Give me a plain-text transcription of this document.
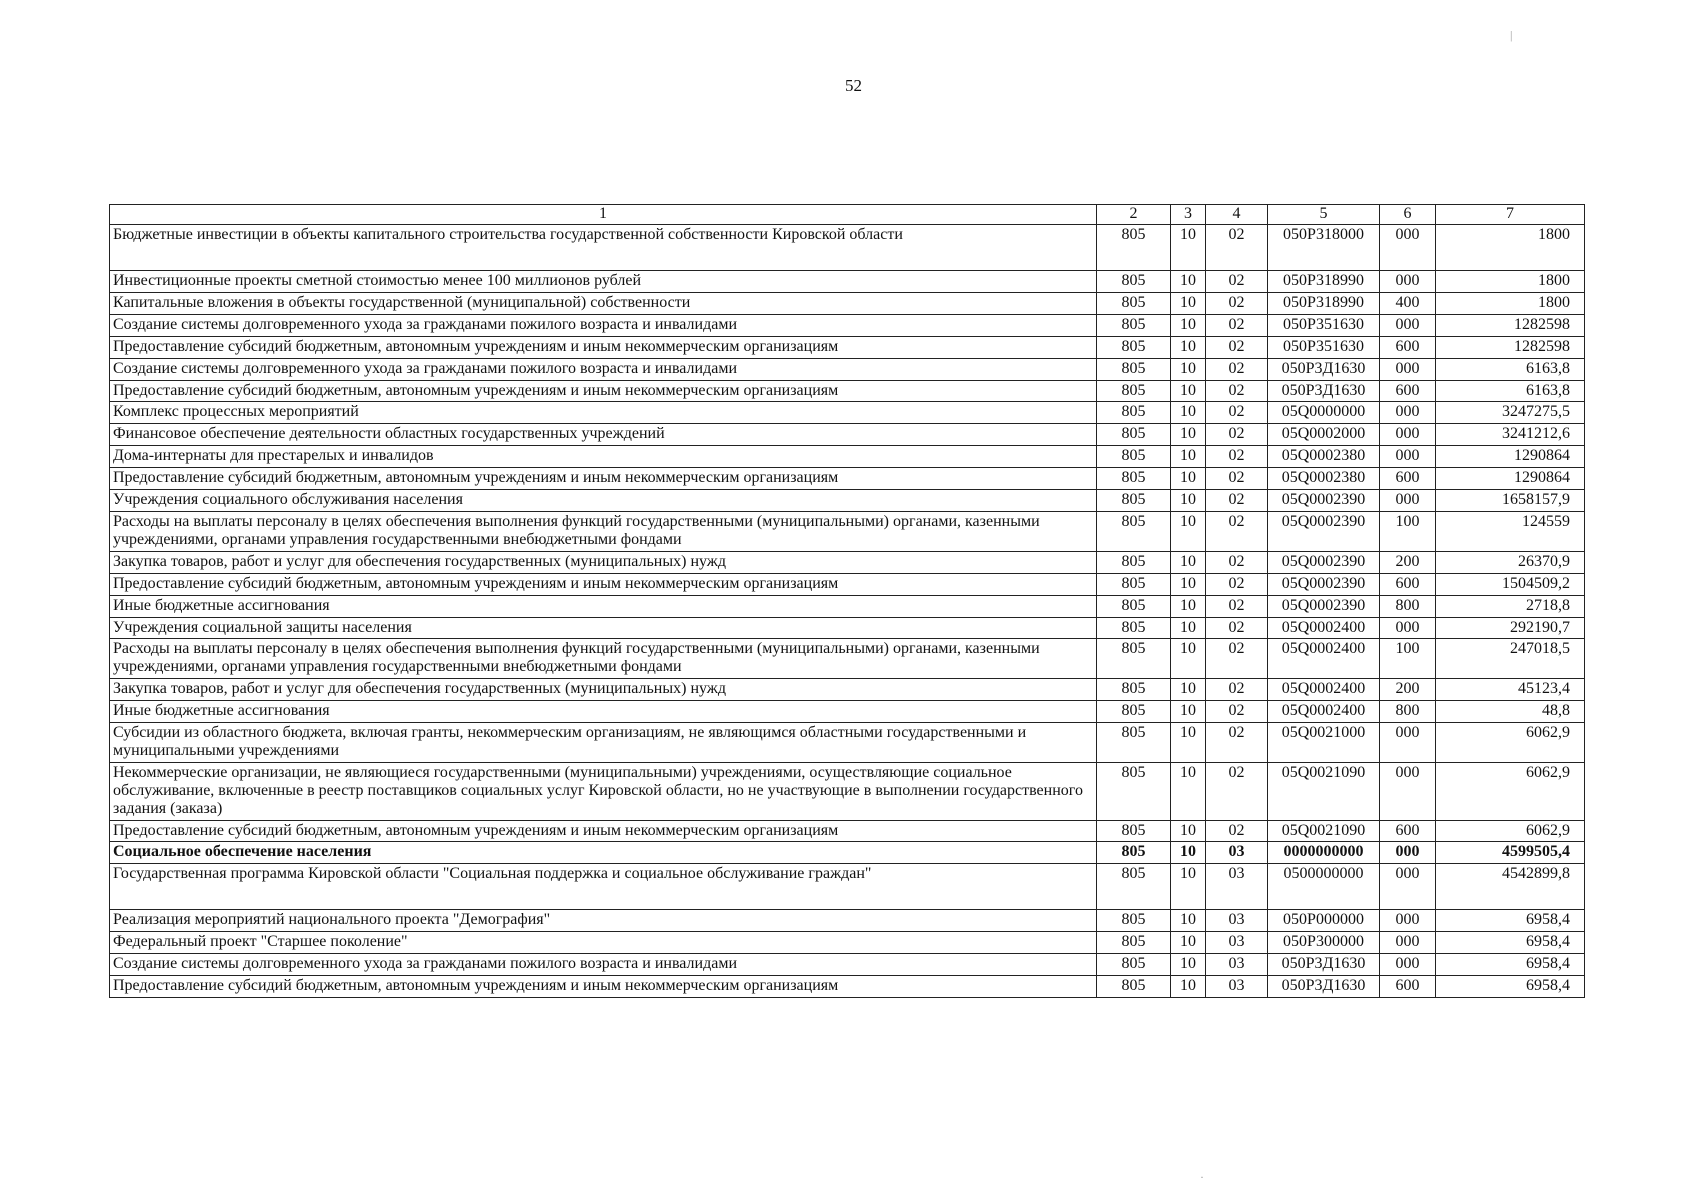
52
1	2	3	4	5	6	7
Бюджетные инвестиции в объекты капитального строительства государственной собственности Кировской области	805	10	02	050P318000	000	1800
Инвестиционные проекты сметной стоимостью менее 100 миллионов рублей	805	10	02	050P318990	000	1800
Капитальные вложения в объекты государственной (муниципальной) собственности	805	10	02	050P318990	400	1800
Создание системы долговременного ухода за гражданами пожилого возраста и инвалидами	805	10	02	050P351630	000	1282598
Предоставление субсидий бюджетным, автономным учреждениям и иным некоммерческим организациям	805	10	02	050P351630	600	1282598
Создание системы долговременного ухода за гражданами пожилого возраста и инвалидами	805	10	02	050P3Д1630	000	6163,8
Предоставление субсидий бюджетным, автономным учреждениям и иным некоммерческим организациям	805	10	02	050P3Д1630	600	6163,8
Комплекс процессных мероприятий	805	10	02	05Q0000000	000	3247275,5
Финансовое обеспечение деятельности областных государственных учреждений	805	10	02	05Q0002000	000	3241212,6
Дома-интернаты для престарелых и инвалидов	805	10	02	05Q0002380	000	1290864
Предоставление субсидий бюджетным, автономным учреждениям и иным некоммерческим организациям	805	10	02	05Q0002380	600	1290864
Учреждения социального обслуживания населения	805	10	02	05Q0002390	000	1658157,9
Расходы на выплаты персоналу в целях обеспечения выполнения функций государственными (муниципальными) органами, казенными учреждениями, органами управления государственными внебюджетными фондами	805	10	02	05Q0002390	100	124559
Закупка товаров, работ и услуг для обеспечения государственных (муниципальных) нужд	805	10	02	05Q0002390	200	26370,9
Предоставление субсидий бюджетным, автономным учреждениям и иным некоммерческим организациям	805	10	02	05Q0002390	600	1504509,2
Иные бюджетные ассигнования	805	10	02	05Q0002390	800	2718,8
Учреждения социальной защиты населения	805	10	02	05Q0002400	000	292190,7
Расходы на выплаты персоналу в целях обеспечения выполнения функций государственными (муниципальными) органами, казенными учреждениями, органами управления государственными внебюджетными фондами	805	10	02	05Q0002400	100	247018,5
Закупка товаров, работ и услуг для обеспечения государственных (муниципальных) нужд	805	10	02	05Q0002400	200	45123,4
Иные бюджетные ассигнования	805	10	02	05Q0002400	800	48,8
Субсидии из областного бюджета, включая гранты, некоммерческим организациям, не являющимся областными государственными и муниципальными учреждениями	805	10	02	05Q0021000	000	6062,9
Некоммерческие организации, не являющиеся государственными (муниципальными) учреждениями, осуществляющие социальное обслуживание, включенные в реестр поставщиков социальных услуг Кировской области, но не участвующие в выполнении государственного задания (заказа)	805	10	02	05Q0021090	000	6062,9
Предоставление субсидий бюджетным, автономным учреждениям и иным некоммерческим организациям	805	10	02	05Q0021090	600	6062,9
Социальное обеспечение населения	805	10	03	0000000000	000	4599505,4
Государственная программа Кировской области "Социальная поддержка и социальное обслуживание граждан"	805	10	03	0500000000	000	4542899,8
Реализация мероприятий национального проекта "Демография"	805	10	03	050P000000	000	6958,4
Федеральный проект "Старшее поколение"	805	10	03	050P300000	000	6958,4
Создание системы долговременного ухода за гражданами пожилого возраста и инвалидами	805	10	03	050P3Д1630	000	6958,4
Предоставление субсидий бюджетным, автономным учреждениям и иным некоммерческим организациям	805	10	03	050P3Д1630	600	6958,4
|
·
